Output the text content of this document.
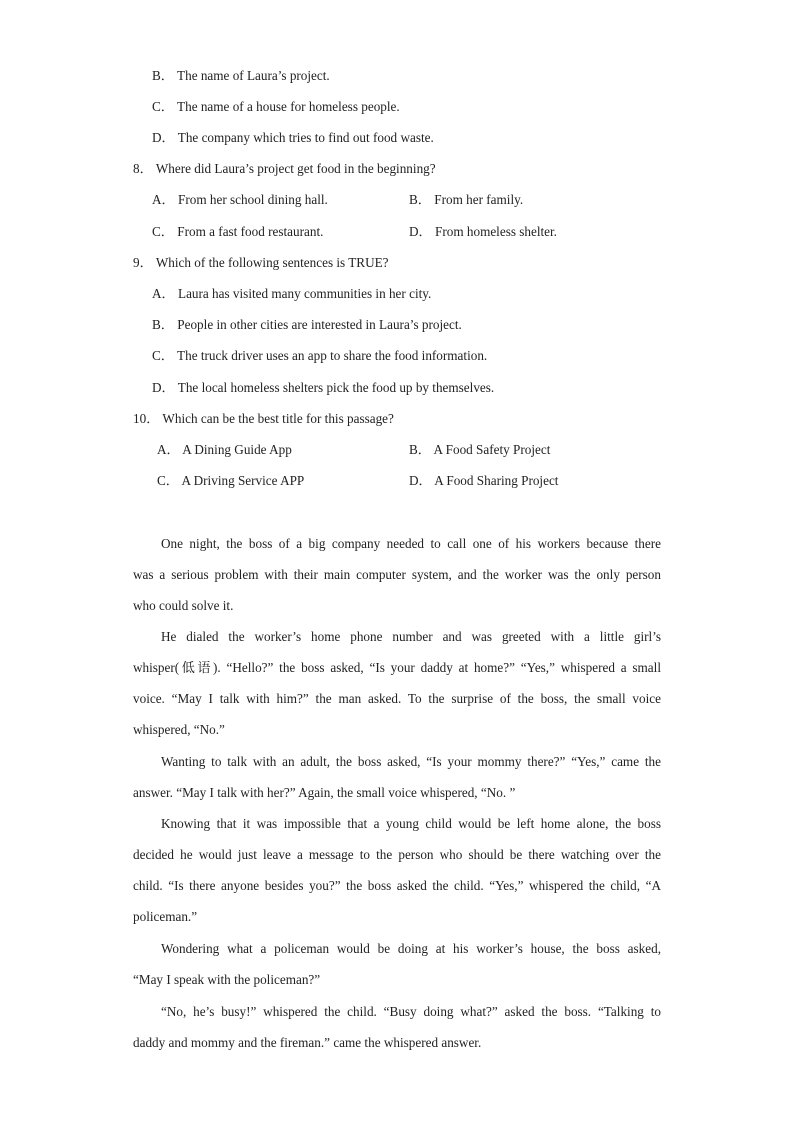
B． The name of Laura’s project.
C． The name of a house for homeless people.
D． The company which tries to find out food waste.
8． Where did Laura’s project get food in the beginning?
A． From her school dining hall.	B． From her family.
C． From a fast food restaurant.	D． From homeless shelter.
9． Which of the following sentences is TRUE?
A． Laura has visited many communities in her city.
B． People in other cities are interested in Laura’s project.
C． The truck driver uses an app to share the food information.
D． The local homeless shelters pick the food up by themselves.
10． Which can be the best title for this passage?
A． A Dining Guide App	B． A Food Safety Project
C． A Driving Service APP	D． A Food Sharing Project
One night, the boss of a big company needed to call one of his workers because there
was a serious problem with their main computer system, and the worker was the only person
who could solve it.
He dialed the worker’s home phone number and was greeted with a little girl’s
whisper(低语). “Hello?” the boss asked, “Is your daddy at home?” “Yes,” whispered a small
voice. “May I talk with him?” the man asked. To the surprise of the boss, the small voice
whispered, “No.”
Wanting to talk with an adult, the boss asked, “Is your mommy there?” “Yes,” came the
answer. “May I talk with her?” Again, the small voice whispered, “No. ”
Knowing that it was impossible that a young child would be left home alone, the boss
decided he would just leave a message to the person who should be there watching over the
child. “Is there anyone besides you?” the boss asked the child. “Yes,” whispered the child, “A
policeman.”
Wondering what a policeman would be doing at his worker’s house, the boss asked,
“May I speak with the policeman?”
“No, he’s busy!” whispered the child. “Busy doing what?” asked the boss. “Talking to
daddy and mommy and the fireman.” came the whispered answer.
